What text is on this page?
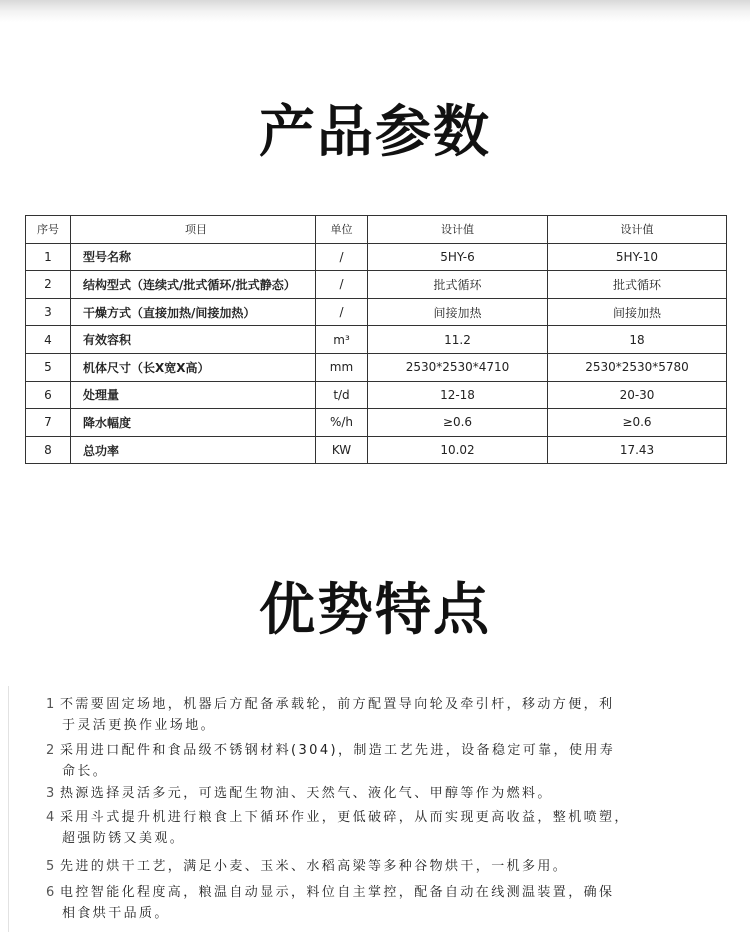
产品参数
序号	项目	单位	设计值	设计值
1	型号名称	/	5HY-6	5HY-10
2	结构型式（连续式/批式循环/批式静态）	/	批式循环	批式循环
3	干燥方式（直接加热/间接加热）	/	间接加热	间接加热
4	有效容积	m³	11.2	18
5	机体尺寸（长X宽X高）	mm	2530*2530*4710	2530*2530*5780
6	处理量	t/d	12-18	20-30
7	降水幅度	%/h	≥0.6	≥0.6
8	总功率	KW	10.02	17.43
优势特点
1 不需要固定场地，机器后方配备承载轮，前方配置导向轮及牵引杆，移动方便，利
于灵活更换作业场地。
2 采用进口配件和食品级不锈钢材料(304)，制造工艺先进，设备稳定可靠，使用寿
命长。
3 热源选择灵活多元，可选配生物油、天然气、液化气、甲醇等作为燃料。
4 采用斗式提升机进行粮食上下循环作业，更低破碎，从而实现更高收益，整机喷塑，
超强防锈又美观。
5 先进的烘干工艺，满足小麦、玉米、水稻高梁等多种谷物烘干，一机多用。
6 电控智能化程度高，粮温自动显示，料位自主掌控，配备自动在线测温装置，确保
相食烘干品质。
